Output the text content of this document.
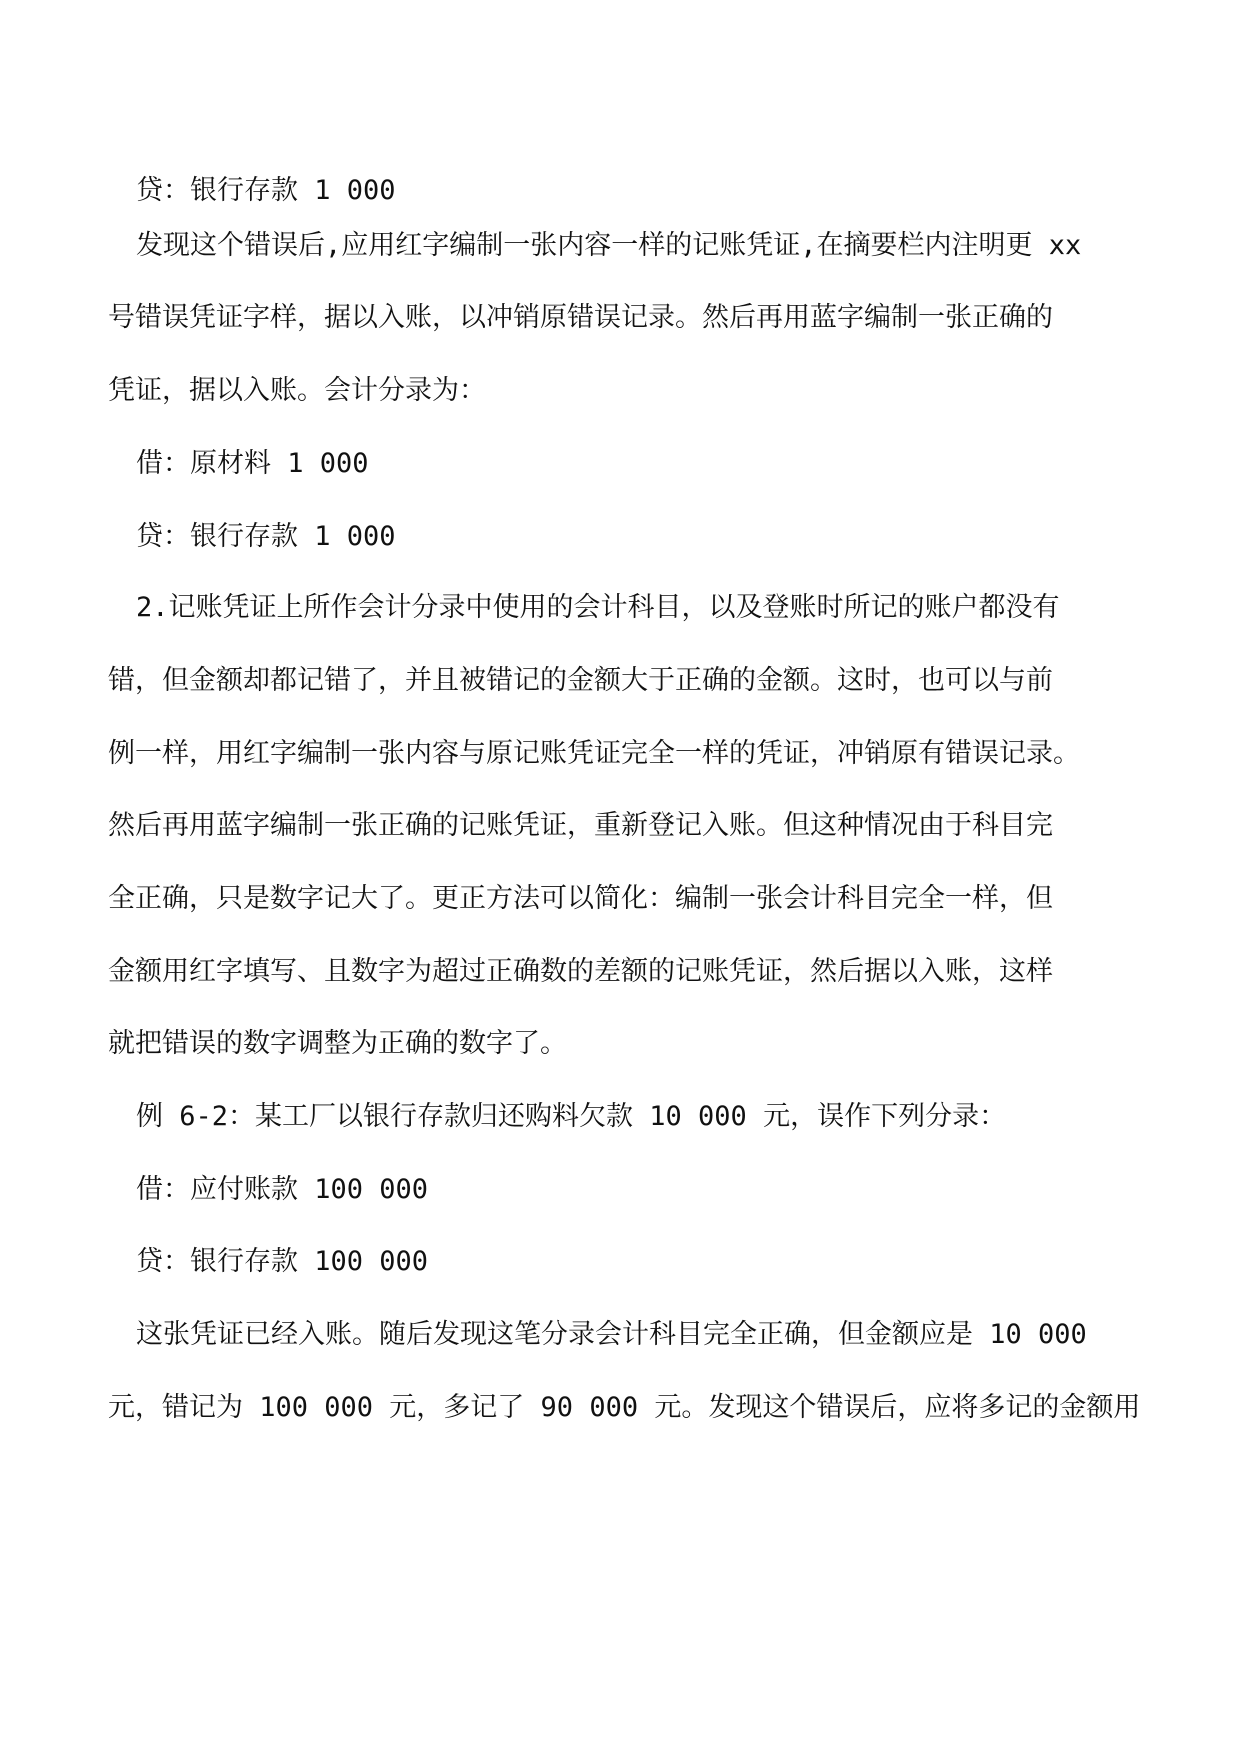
贷：银行存款 1 000
发现这个错误后,应用红字编制一张内容一样的记账凭证,在摘要栏内注明更 xx
号错误凭证字样，据以入账，以冲销原错误记录。然后再用蓝字编制一张正确的
凭证，据以入账。会计分录为：
借：原材料 1 000
贷：银行存款 1 000
2.记账凭证上所作会计分录中使用的会计科目，以及登账时所记的账户都没有
错，但金额却都记错了，并且被错记的金额大于正确的金额。这时，也可以与前
例一样，用红字编制一张内容与原记账凭证完全一样的凭证，冲销原有错误记录。
然后再用蓝字编制一张正确的记账凭证，重新登记入账。但这种情况由于科目完
全正确，只是数字记大了。更正方法可以简化：编制一张会计科目完全一样，但
金额用红字填写、且数字为超过正确数的差额的记账凭证，然后据以入账，这样
就把错误的数字调整为正确的数字了。
例 6-2：某工厂以银行存款归还购料欠款 10 000 元，误作下列分录：
借：应付账款 100 000
贷：银行存款 100 000
这张凭证已经入账。随后发现这笔分录会计科目完全正确，但金额应是 10 000
元，错记为 100 000 元，多记了 90 000 元。发现这个错误后，应将多记的金额用
